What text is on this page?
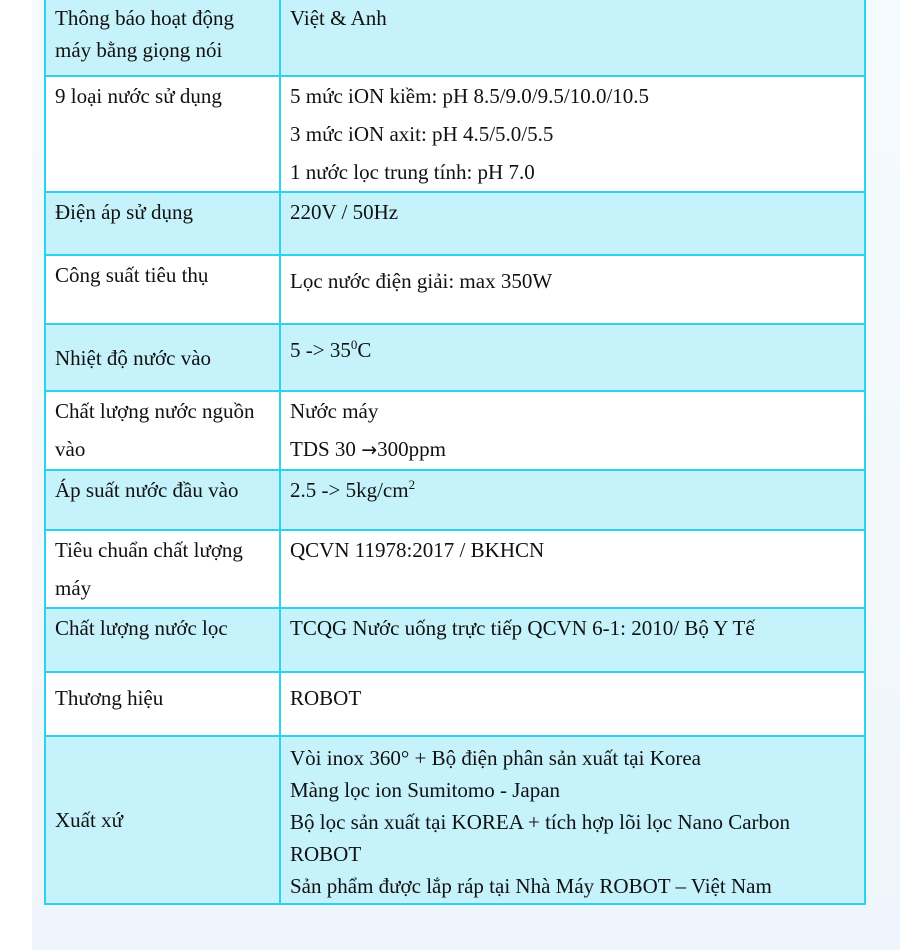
Thông báo hoạt động
máy bằng giọng nói	Việt & Anh

9 loại nước sử dụng	5 mức iON kiềm: pH 8.5/9.0/9.5/10.0/10.5
3 mức iON axit: pH 4.5/5.0/5.5
1 nước lọc trung tính: pH 7.0

Điện áp sử dụng	220V / 50Hz

Công suất tiêu thụ	Lọc nước điện giải: max 350W

Nhiệt độ nước vào	$5 -> 35^0C$

Chất lượng nước nguồn
vào	Nước máy
TDS 30 →300ppm

Áp suất nước đầu vào	$2.5 -> 5kg/cm^2$

Tiêu chuẩn chất lượng
máy	QCVN 11978:2017 / BKHCN

Chất lượng nước lọc	TCQG Nước uống trực tiếp QCVN 6-1: 2010/ Bộ Y Tế

Thương hiệu	ROBOT

Xuất xứ	Vòi inox 360° + Bộ điện phân sản xuất tại Korea
Màng lọc ion Sumitomo - Japan
Bộ lọc sản xuất tại KOREA + tích hợp lõi lọc Nano Carbon
ROBOT
Sản phẩm được lắp ráp tại Nhà Máy ROBOT – Việt Nam
